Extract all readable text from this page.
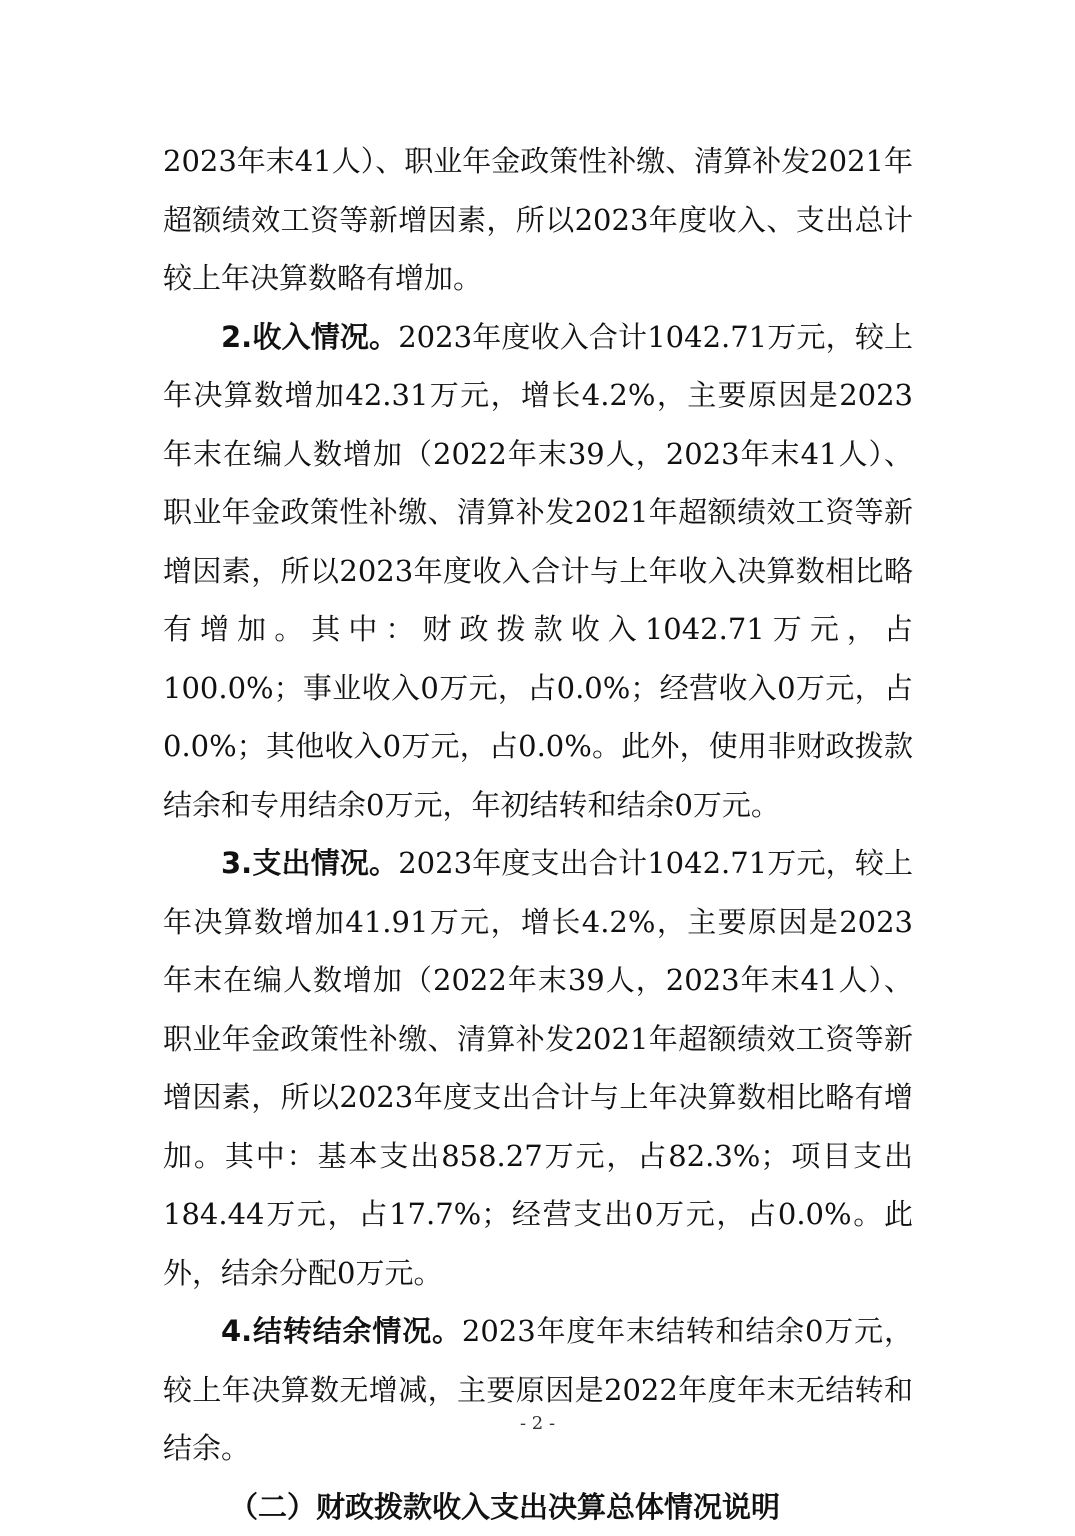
2023年末41人）、职业年金政策性补缴、清算补发2021年超额绩效工资等新增因素，所以2023年度收入、支出总计较上年决算数略有增加。

2.收入情况。2023年度收入合计1042.71万元，较上年决算数增加42.31万元，增长4.2%，主要原因是2023年末在编人数增加（2022年末39人，2023年末41人）、职业年金政策性补缴、清算补发2021年超额绩效工资等新增因素，所以2023年度收入合计与上年收入决算数相比略有增加。其中：财政拨款收入1042.71万元，占100.0%；事业收入0万元，占0.0%；经营收入0万元，占0.0%；其他收入0万元，占0.0%。此外，使用非财政拨款结余和专用结余0万元，年初结转和结余0万元。

3.支出情况。2023年度支出合计1042.71万元，较上年决算数增加41.91万元，增长4.2%，主要原因是2023年末在编人数增加（2022年末39人，2023年末41人）、职业年金政策性补缴、清算补发2021年超额绩效工资等新增因素，所以2023年度支出合计与上年决算数相比略有增加。其中：基本支出858.27万元，占82.3%；项目支出184.44万元，占17.7%；经营支出0万元，占0.0%。此外，结余分配0万元。

4.结转结余情况。2023年度年末结转和结余0万元，较上年决算数无增减，主要原因是2022年度年末无结转和结余。

（二）财政拨款收入支出决算总体情况说明

- 2 -
